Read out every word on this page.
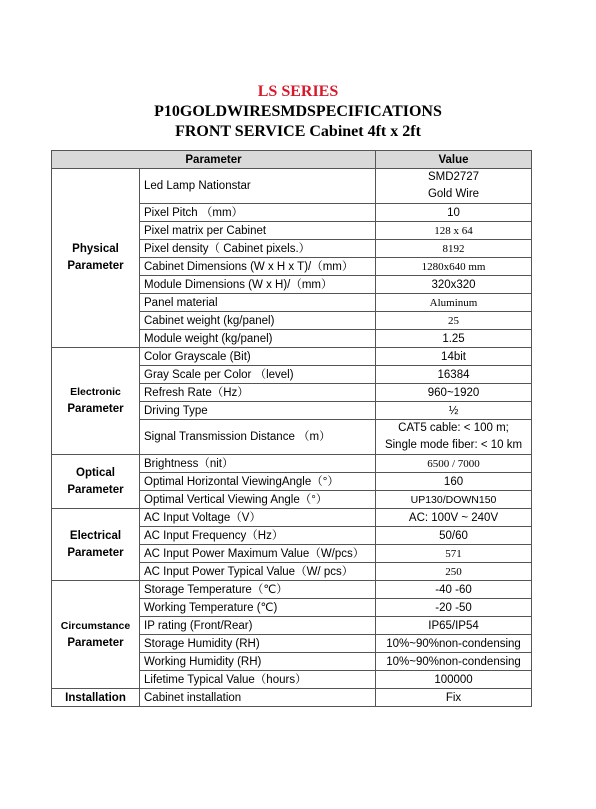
LS SERIES
P10GOLDWIRESMDSPECIFICATIONS
FRONT SERVICE Cabinet 4ft x 2ft
Parameter		Value

Physical
Parameter	Led Lamp Nationstar	SMD2727
Gold Wire

	Pixel Pitch （mm）	10
	Pixel matrix per Cabinet	128 x 64
	Pixel density（ Cabinet pixels.）	8192
	Cabinet Dimensions (W x H x T)/（mm）	1280x640 mm
	Module Dimensions (W x H)/（mm）	320x320
	Panel material	Aluminum
	Cabinet weight (kg/panel)	25
	Module weight (kg/panel)	1.25

Electronic
Parameter	Color Grayscale (Bit)	14bit
	Gray Scale per Color （level)	16384
	Refresh Rate（Hz）	960~1920
	Driving Type	½
	Signal Transmission Distance （m）	CAT5 cable: < 100 m;
Single mode fiber: < 10 km

Optical
Parameter	Brightness（nit）	6500 / 7000
	Optimal Horizontal ViewingAngle（°）	160
	Optimal Vertical Viewing Angle（°）	UP130/DOWN150

Electrical
Parameter	AC Input Voltage（V）	AC: 100V ~ 240V
	AC Input Frequency（Hz）	50/60
	AC Input Power Maximum Value（W/pcs）	571
	AC Input Power Typical Value（W/ pcs）	250

Circumstance
Parameter	Storage Temperature（℃）	-40 -60
	Working Temperature (℃)	-20 -50
	IP rating (Front/Rear)	IP65/IP54
	Storage Humidity (RH)	10%~90%non-condensing
	Working Humidity (RH)	10%~90%non-condensing
	Lifetime Typical Value（hours）	100000
Installation	Cabinet installation	Fix
